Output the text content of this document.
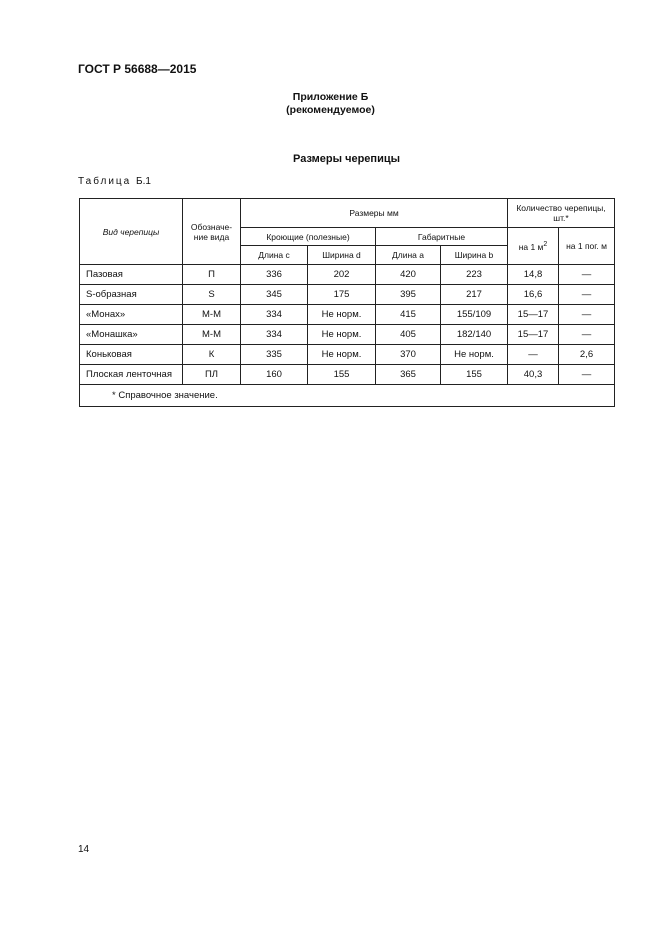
ГОСТ Р 56688—2015
Приложение Б
(рекомендуемое)
Размеры черепицы
Таблица Б.1
Вид черепицы	Обозначе-ние вида	Размеры мм				Количество черепицы, шт.*	
		Кроющие (полезные)		Габаритные		на 1 $м^2$	на 1 пог. м
		Длина c	Ширина d	Длина a	Ширина b		
Пазовая	П	336	202	420	223	14,8	—
S-образная	S	345	175	395	217	16,6	—
«Монах»	М-М	334	Не норм.	415	155/109	15—17	—
«Монашка»	М-М	334	Не норм.	405	182/140	15—17	—
Коньковая	К	335	Не норм.	370	Не норм.	—	2,6
Плоская ленточная	ПЛ	160	155	365	155	40,3	—
* Справочное значение.							
14
